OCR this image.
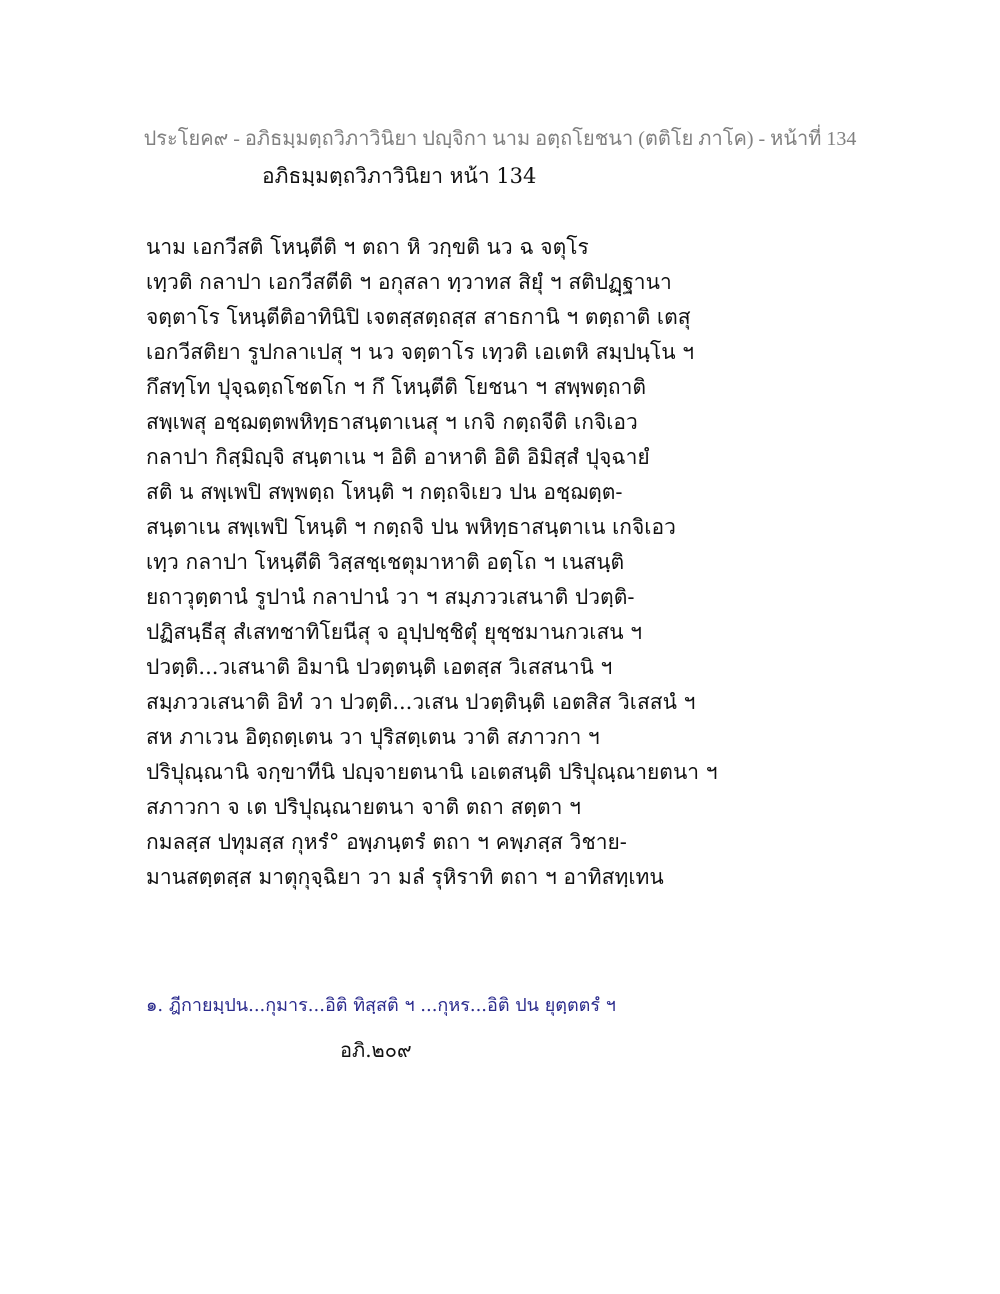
ประโยค๙ - อภิธมฺมตฺถวิภาวินิยา ปญฺจิกา นาม อตฺถโยชนา (ตติโย ภาโค) - หน้าที่ 134
อภิธมฺมตฺถวิภาวินิยา หน้า 134
นาม เอกวีสติ โหนฺตีติ ฯ ตถา หิ วกฺขติ นว ฉ จตุโร
เทฺวติ กลาปา เอกวีสตีติ ฯ อกุสลา ทฺวาทส สิยุํ ฯ สติปฏฺฐานา
จตฺตาโร โหนฺตีติอาทินิปิ เจตสฺสตฺถสฺส สาธกานิ ฯ ตตฺถาติ เตสุ
เอกวีสติยา รูปกลาเปสุ ฯ นว จตฺตาโร เทฺวติ เอเตหิ สมฺปนฺโน ฯ
กึสทฺโท ปุจฺฉตฺถโชตโก ฯ กึ โหนฺตีติ โยชนา ฯ สพฺพตฺถาติ
สพฺเพสุ อชฺฌตฺตพหิทฺธาสนฺตาเนสุ ฯ เกจิ กตฺถจีติ เกจิเอว
กลาปา กิสฺมิญฺจิ สนฺตาเน ฯ อิติ อาหาติ อิติ อิมิสฺสํ ปุจฺฉายํ
สติ น สพฺเพปิ สพฺพตฺถ โหนฺติ ฯ กตฺถจิเยว ปน อชฺฌตฺต-
สนฺตาเน สพฺเพปิ โหนฺติ ฯ กตฺถจิ ปน พหิทฺธาสนฺตาเน เกจิเอว
เทฺว กลาปา โหนฺตีติ วิสฺสชฺเชตุมาหาติ อตฺโถ ฯ เนสนฺติ
ยถาวุตฺตานํ รูปานํ กลาปานํ วา ฯ สมฺภววเสนาติ ปวตฺติ-
ปฏิสนฺธีสุ สํเสทชาทิโยนีสุ จ อุปฺปชฺชิตุํ ยุชฺชมานกวเสน ฯ
ปวตฺติ...วเสนาติ อิมานิ ปวตฺตนฺติ เอตสฺส วิเสสนานิ ฯ
สมฺภววเสนาติ อิทํ วา ปวตฺติ...วเสน ปวตฺตินฺติ เอตสิส วิเสสนํ ฯ
สห ภาเวน อิตฺถตฺเตน วา ปุริสตฺเตน วาติ สภาวกา ฯ
ปริปุณฺณานิ จกฺขาทีนิ ปญฺจายตนานิ เอเตสนฺติ ปริปุณฺณายตนา ฯ
สภาวกา จ เต ปริปุณฺณายตนา จาติ ตถา สตฺตา ฯ
กมลสฺส ปทุมสฺส กุหรํ° อพฺภนฺตรํ ตถา ฯ คพฺภสฺส วิชาย-
มานสตฺตสฺส มาตุกุจฺฉิยา วา มลํ รุหิราทิ ตถา ฯ อาทิสทฺเทน
๑. ฎีกายมฺปน...กุมาร...อิติ ทิสฺสติ ฯ ...กุหร...อิติ ปน ยุตฺตตรํ ฯ
อภิ.๒๐๙
